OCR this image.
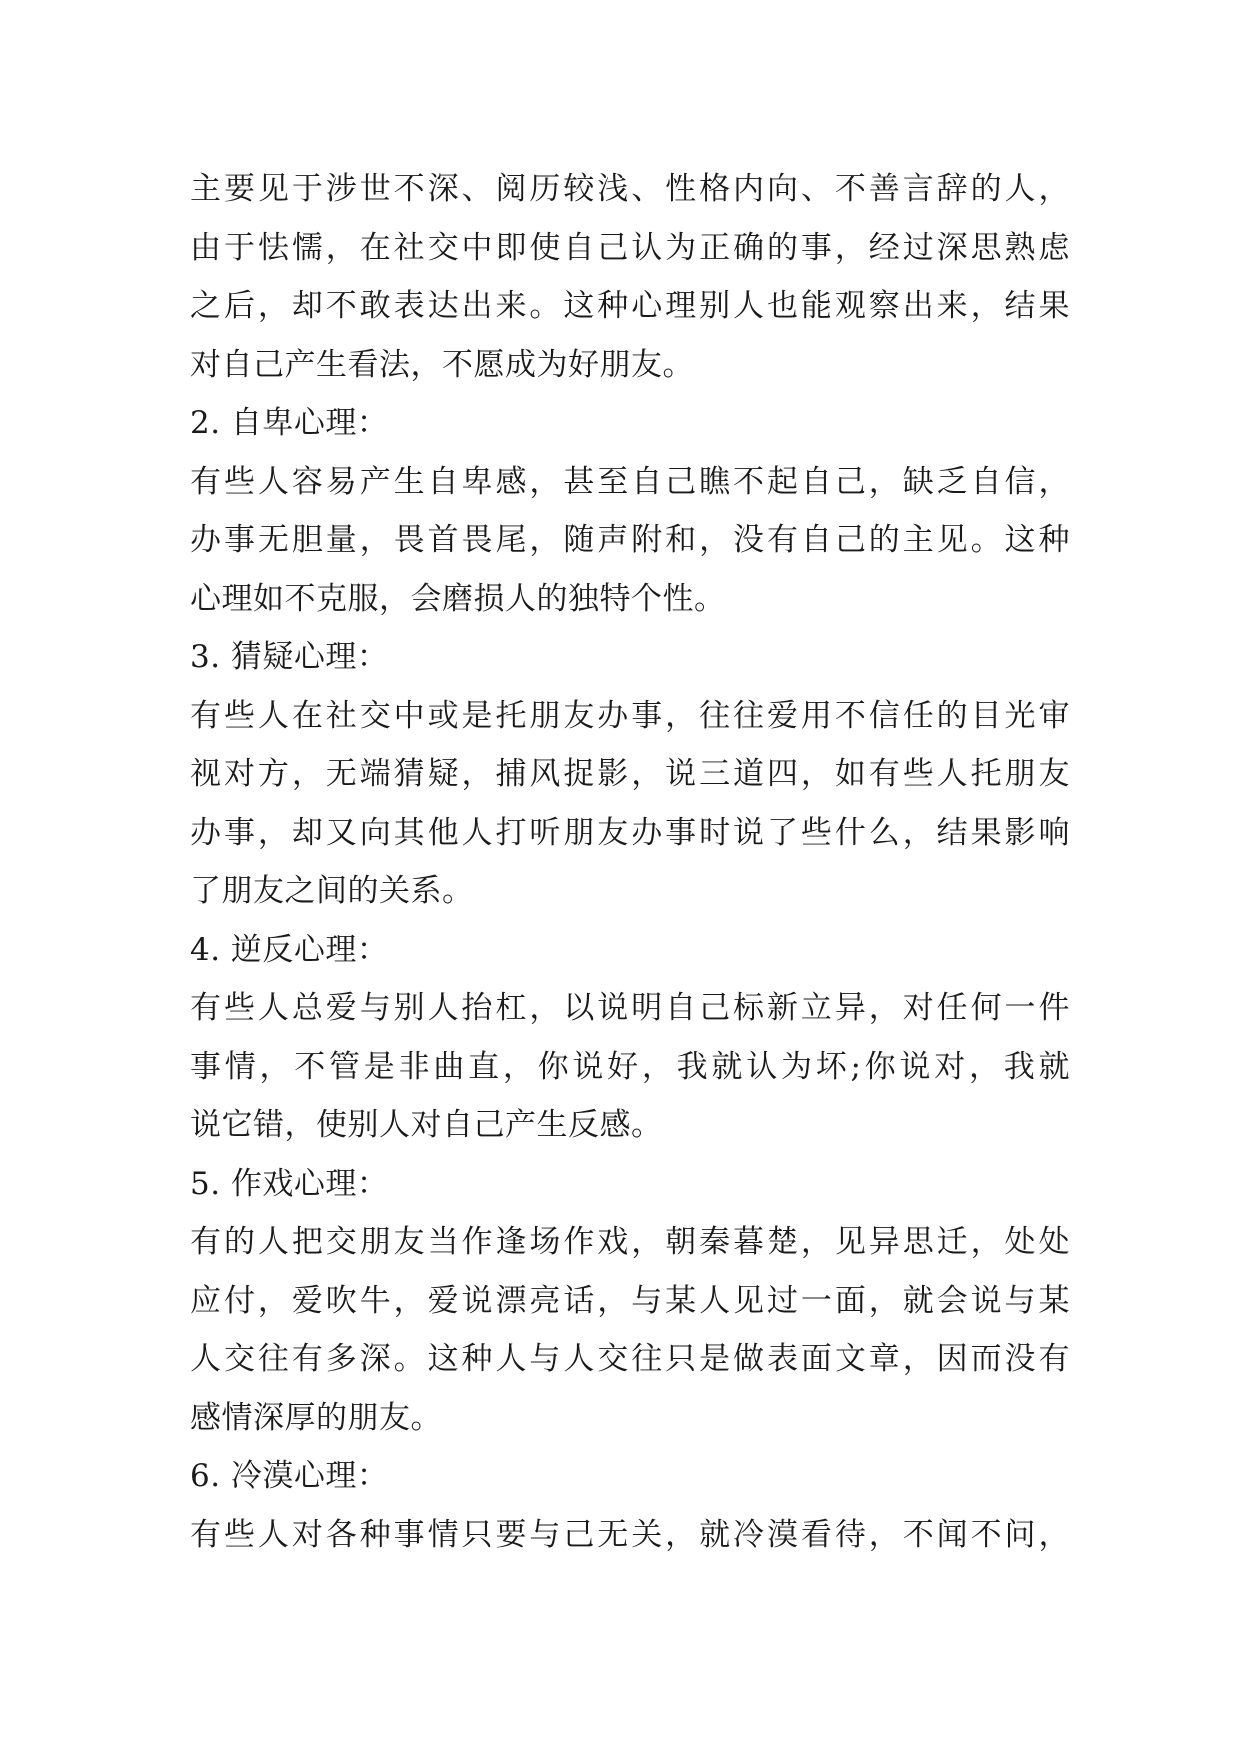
主要见于涉世不深、阅历较浅、性格内向、不善言辞的人，
由于怯懦，在社交中即使自己认为正确的事，经过深思熟虑
之后，却不敢表达出来。这种心理别人也能观察出来，结果
对自己产生看法，不愿成为好朋友。
2. 自卑心理：
有些人容易产生自卑感，甚至自己瞧不起自己，缺乏自信，
办事无胆量，畏首畏尾，随声附和，没有自己的主见。这种
心理如不克服，会磨损人的独特个性。
3. 猜疑心理：
有些人在社交中或是托朋友办事，往往爱用不信任的目光审
视对方，无端猜疑，捕风捉影，说三道四，如有些人托朋友
办事，却又向其他人打听朋友办事时说了些什么，结果影响
了朋友之间的关系。
4. 逆反心理：
有些人总爱与别人抬杠，以说明自己标新立异，对任何一件
事情，不管是非曲直，你说好，我就认为坏;你说对，我就
说它错，使别人对自己产生反感。
5. 作戏心理：
有的人把交朋友当作逢场作戏，朝秦暮楚，见异思迁，处处
应付，爱吹牛，爱说漂亮话，与某人见过一面，就会说与某
人交往有多深。这种人与人交往只是做表面文章，因而没有
感情深厚的朋友。
6. 冷漠心理：
有些人对各种事情只要与己无关，就冷漠看待，不闻不问，
